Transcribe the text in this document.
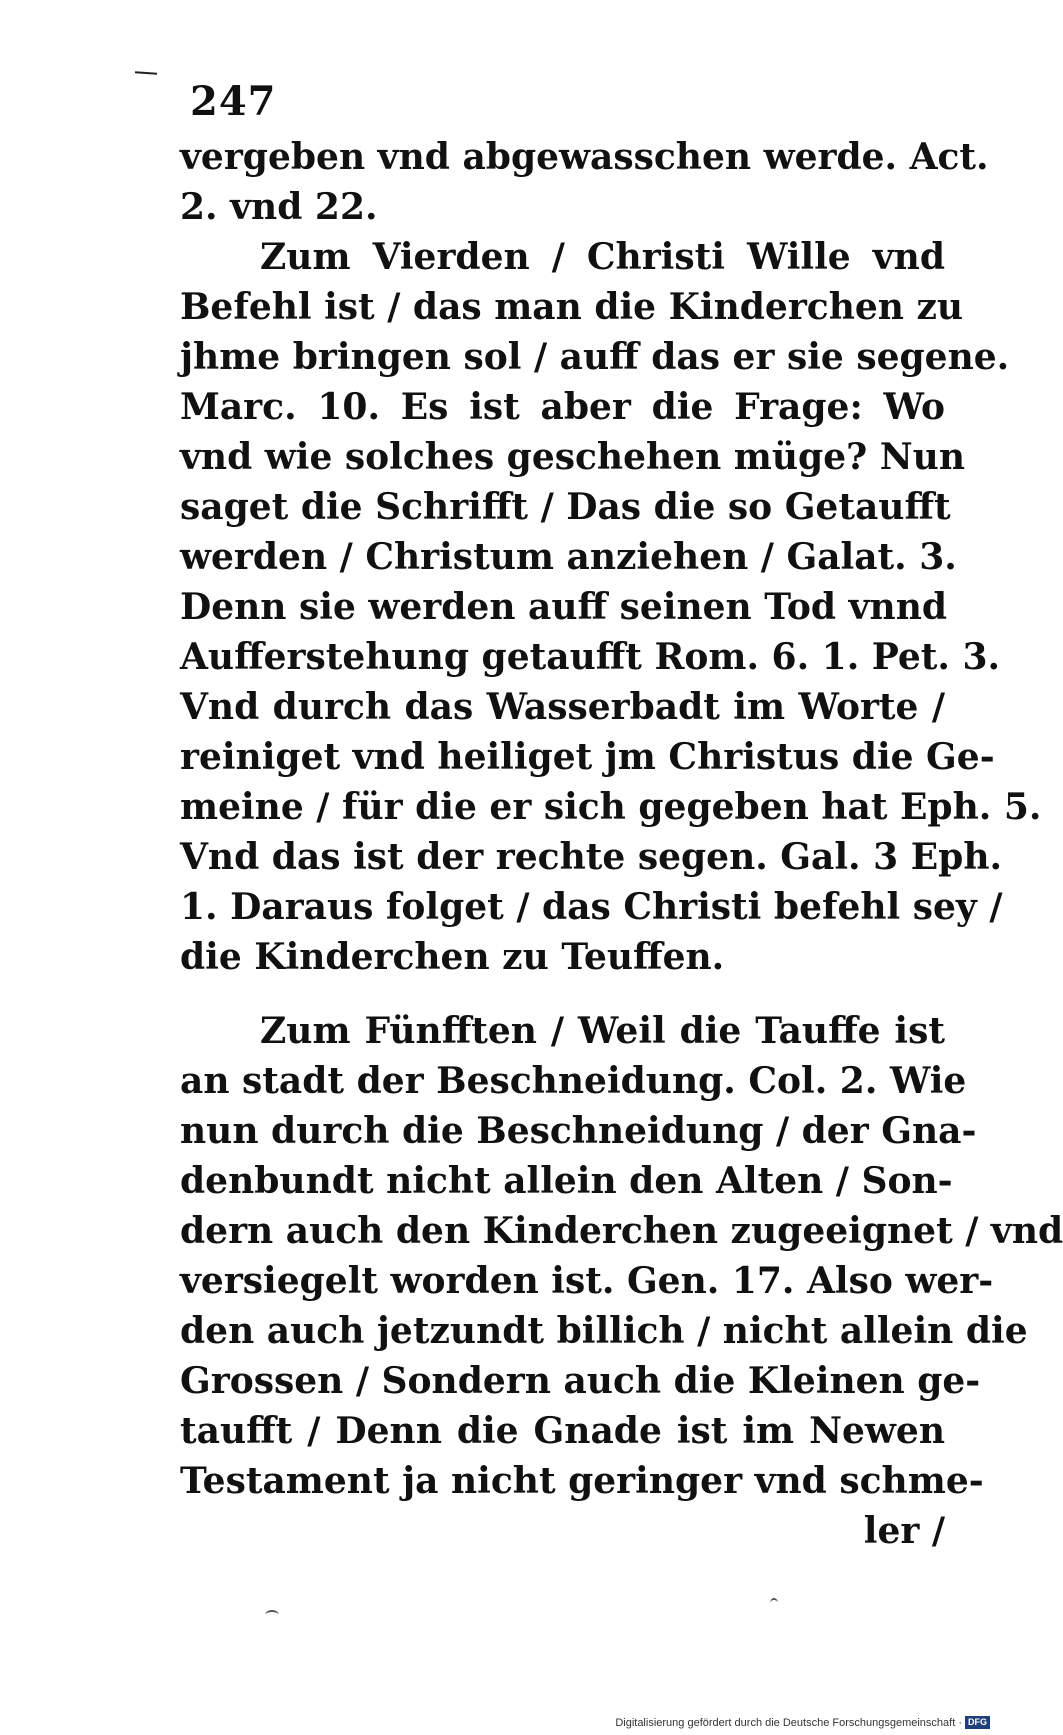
247
vergeben vnd abgewasschen werde. Act.
2. vnd 22.
Zum Vierden / Christi Wille vnd
Befehl ist / das man die Kinderchen zu
jhme bringen sol / auff das er sie segene.
Marc. 10. Es ist aber die Frage: Wo
vnd wie solches geschehen müge? Nun
saget die Schrifft / Das die so Getaufft
werden / Christum anziehen / Galat. 3.
Denn sie werden auff seinen Tod vnnd
Aufferstehung getaufft Rom. 6. 1. Pet. 3.
Vnd durch das Wasserbadt im Worte /
reiniget vnd heiliget jm Christus die Ge-
meine / für die er sich gegeben hat Eph. 5.
Vnd das ist der rechte segen. Gal. 3 Eph.
1. Daraus folget / das Christi befehl sey /
die Kinderchen zu Teuffen.
Zum Fünfften / Weil die Tauffe ist
an stadt der Beschneidung. Col. 2. Wie
nun durch die Beschneidung / der Gna-
denbundt nicht allein den Alten / Son-
dern auch den Kinderchen zugeeignet / vnd
versiegelt worden ist. Gen. 17. Also wer-
den auch jetzundt billich / nicht allein die
Grossen / Sondern auch die Kleinen ge-
taufft / Denn die Gnade ist im Newen
Testament ja nicht geringer vnd schme-
ler /
Digitalisierung gefördert durch die Deutsche Forschungsgemeinschaft · DFG
